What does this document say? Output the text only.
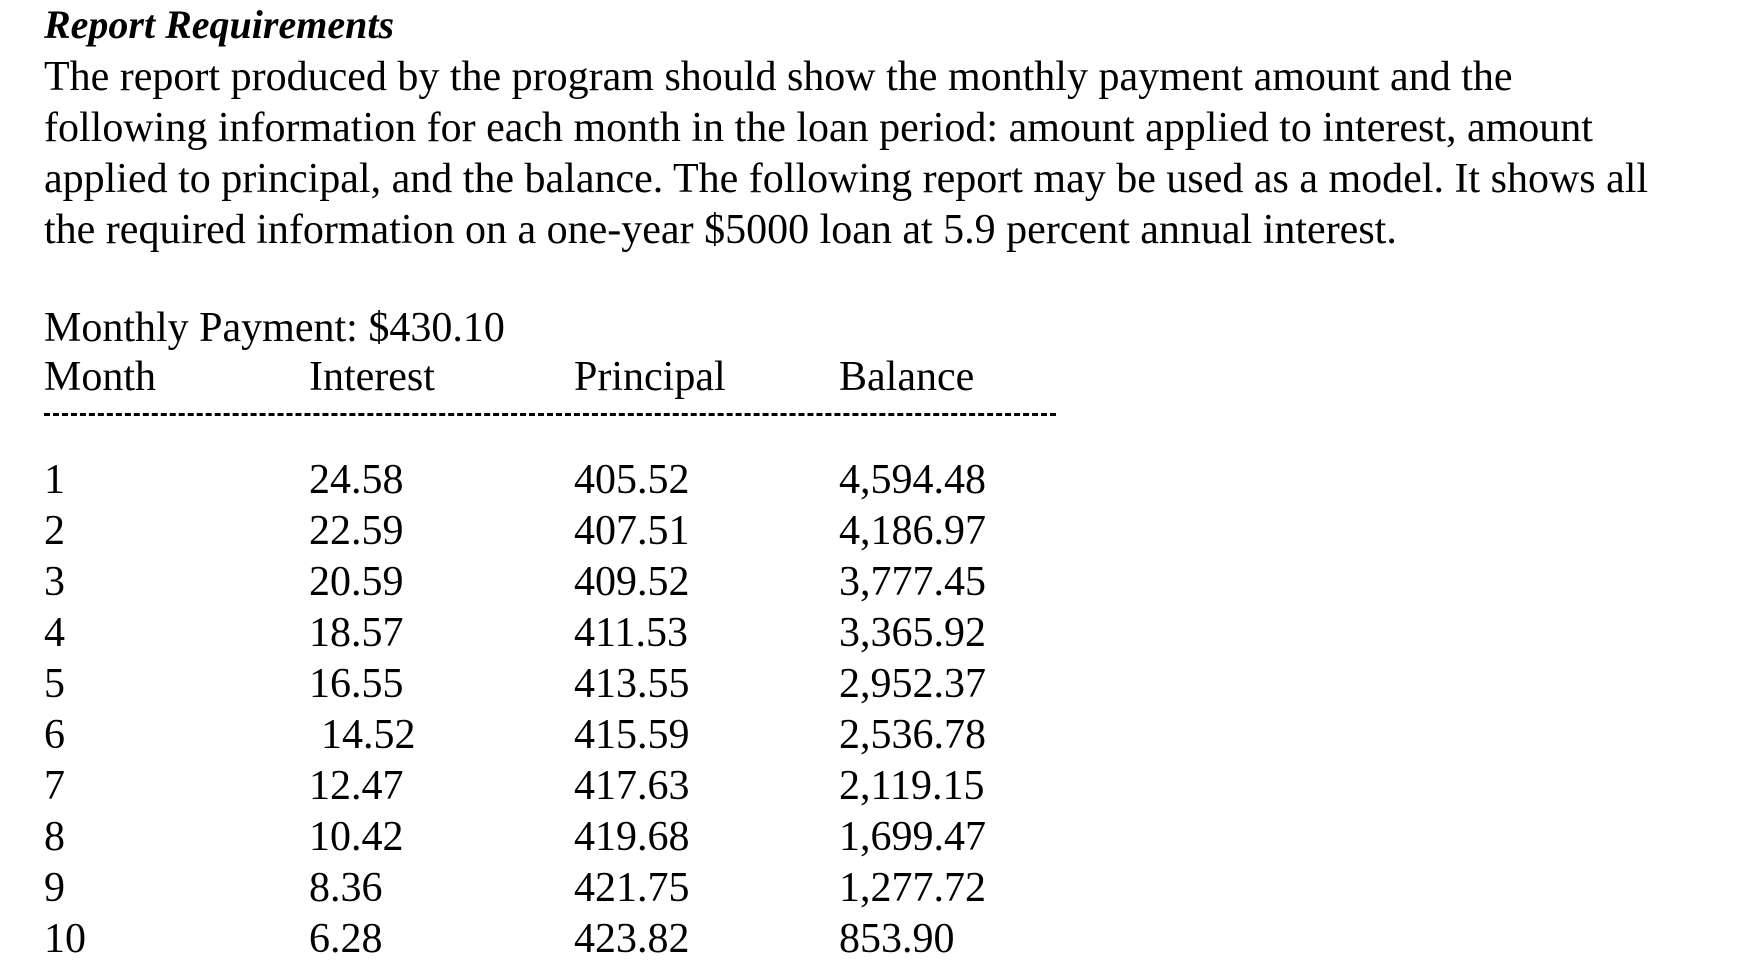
Report Requirements

The report produced by the program should show the monthly payment amount and the
following information for each month in the loan period: amount applied to interest, amount
applied to principal, and the balance. The following report may be used as a model. It shows all
the required information on a one-year $5000 loan at 5.9 percent annual interest.

Monthly Payment: $430.10
Month	Interest	Principal	Balance
1	24.58	405.52	4,594.48
2	22.59	407.51	4,186.97
3	20.59	409.52	3,777.45
4	18.57	411.53	3,365.92
5	16.55	413.55	2,952.37
6	14.52	415.59	2,536.78
7	12.47	417.63	2,119.15
8	10.42	419.68	1,699.47
9	8.36	421.75	1,277.72
10	6.28	423.82	853.90
